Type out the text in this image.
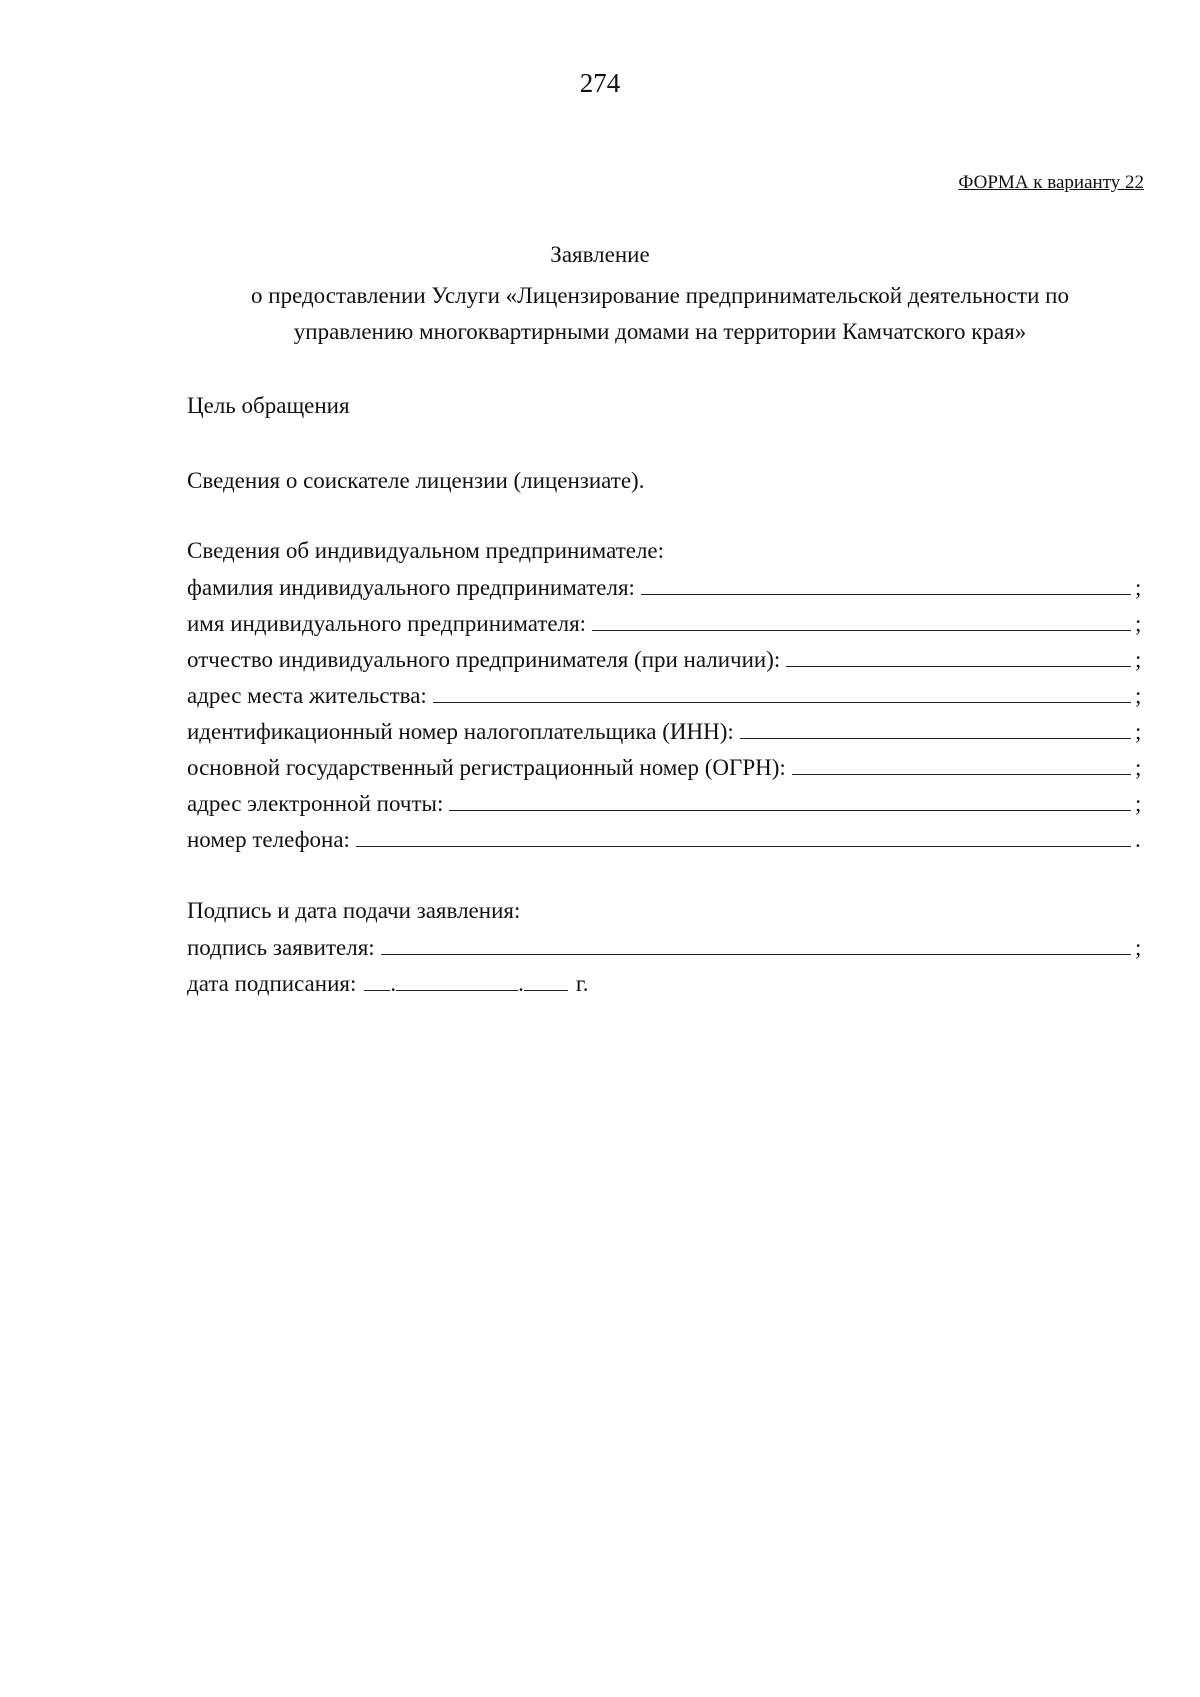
274
ФОРМА к варианту 22
Заявление
о предоставлении Услуги «Лицензирование предпринимательской деятельности по
управлению многоквартирными домами на территории Камчатского края»
Цель обращения
Сведения о соискателе лицензии (лицензиате).
Сведения об индивидуальном предпринимателе:
фамилия индивидуального предпринимателя:	;
имя индивидуального предпринимателя:	;
отчество индивидуального предпринимателя (при наличии):	;
адрес места жительства:	;
идентификационный номер налогоплательщика (ИНН):	;
основной государственный регистрационный номер (ОГРН):	;
адрес электронной почты:	;
номер телефона:	.
Подпись и дата подачи заявления:
подпись заявителя:	;
дата подписания: .	. г.
